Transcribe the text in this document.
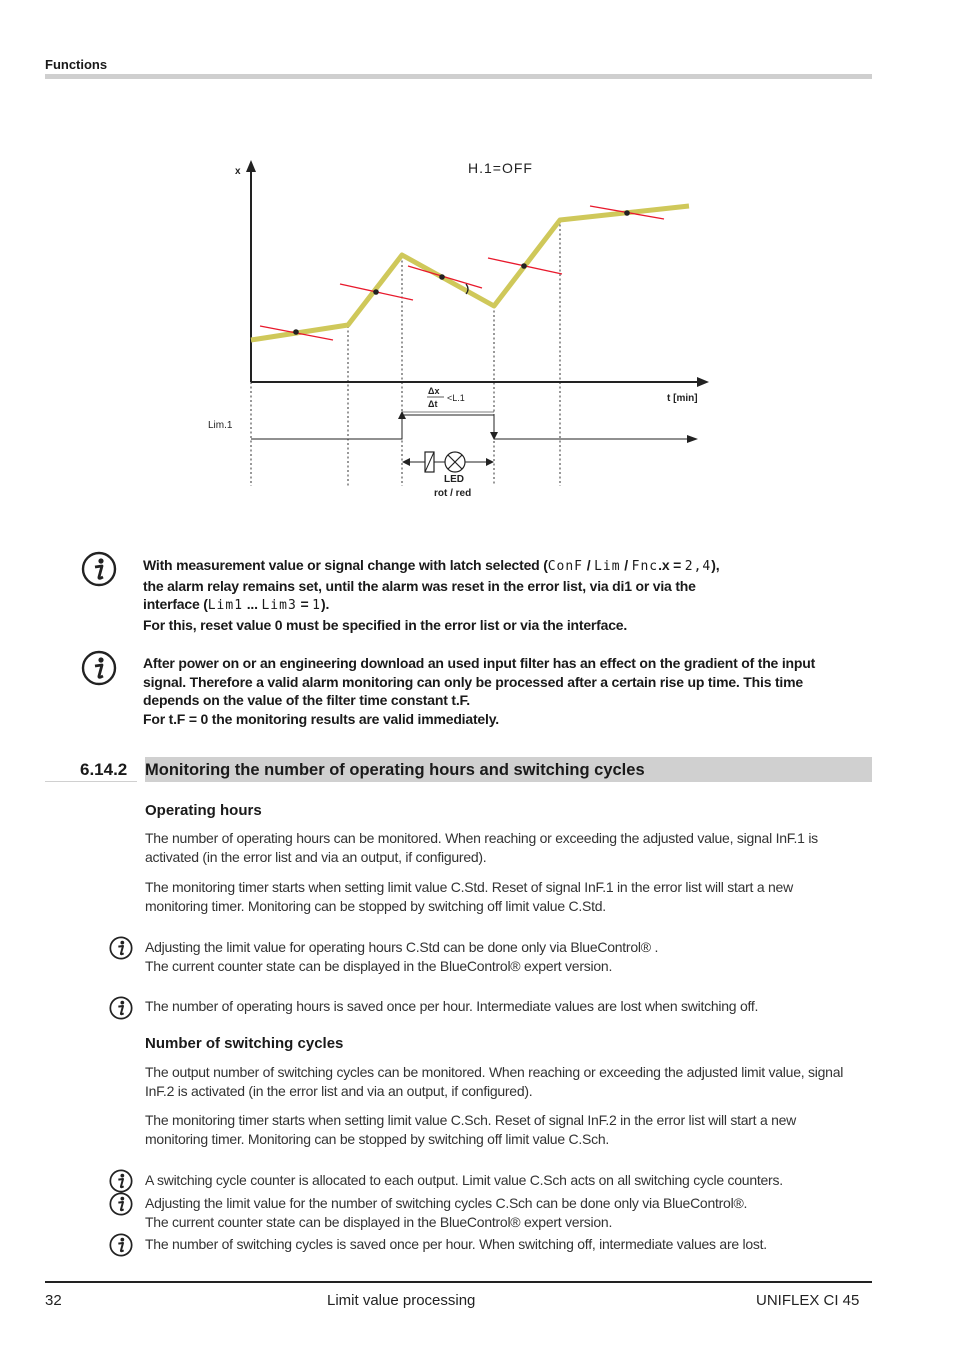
Functions
x
t [min]
H.1=OFF
Δx
Δt
<L.1
Lim.1
LED
rot / red
With measurement value or signal change with latch selected (ConF / Lim / Fnc.x = 2,4),
the alarm relay remains set, until the alarm was reset in the error list, via di1 or via the
interface (Lim1 ... Lim3 = 1).
For this, reset value 0 must be specified in the error list or via the interface.
After power on or an engineering download an used input filter has an effect on the gradient of the input
signal. Therefore a valid alarm monitoring can only be processed after a certain rise up time. This time
depends on the value of the filter time constant t.F.
For t.F = 0 the monitoring results are valid immediately.
6.14.2	Monitoring the number of operating hours and switching cycles
Operating hours
The number of operating hours can be monitored. When reaching or exceeding the adjusted value, signal InF.1 is
activated (in the error list and via an output, if configured).
The monitoring timer starts when setting limit value C.Std. Reset of signal InF.1 in the error list will start a new
monitoring timer. Monitoring can be stopped by switching off limit value C.Std.
Adjusting the limit value for operating hours C.Std can be done only via BlueControl® .
The current counter state can be displayed in the BlueControl® expert version.
The number of operating hours is saved once per hour. Intermediate values are lost when switching off.
Number of switching cycles
The output number of switching cycles can be monitored. When reaching or exceeding the adjusted limit value, signal
InF.2 is activated (in the error list and via an output, if configured).
The monitoring timer starts when setting limit value C.Sch. Reset of signal InF.2 in the error list will start a new
monitoring timer. Monitoring can be stopped by switching off limit value C.Sch.
A switching cycle counter is allocated to each output. Limit value C.Sch acts on all switching cycle counters.
Adjusting the limit value for the number of switching cycles C.Sch can be done only via BlueControl®.
The current counter state can be displayed in the BlueControl® expert version.
The number of switching cycles is saved once per hour. When switching off, intermediate values are lost.
32	Limit value processing	UNIFLEX CI 45
